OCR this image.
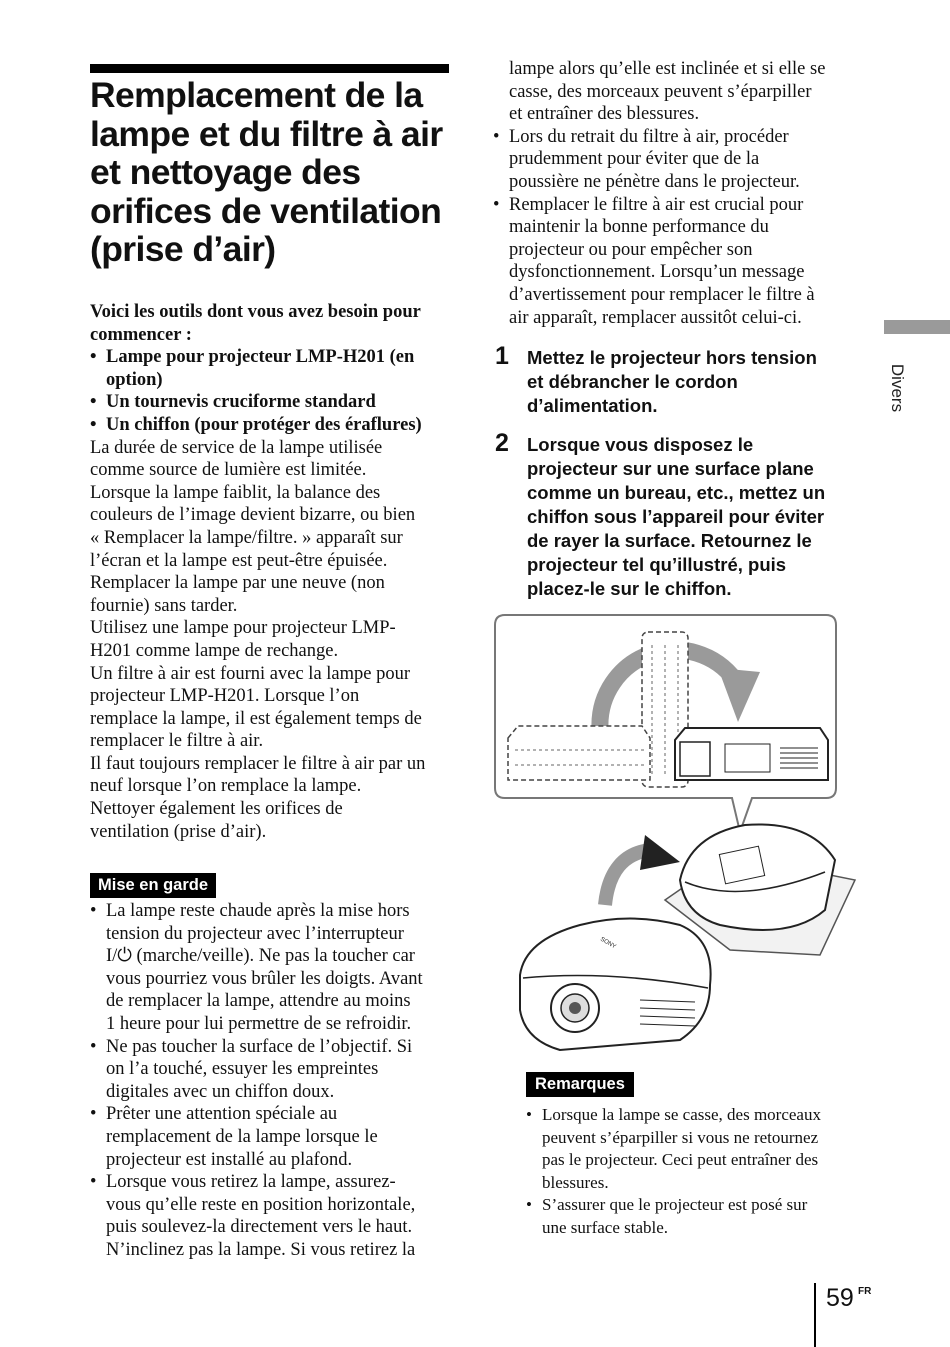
Remplacement de la
lampe et du filtre à air
et nettoyage des
orifices de ventilation
(prise d’air)
Voici les outils dont vous avez besoin pour
commencer :
• Lampe pour projecteur LMP-H201 (en
option)
• Un tournevis cruciforme standard
• Un chiffon (pour protéger des éraflures)
La durée de service de la lampe utilisée
comme source de lumière est limitée.
Lorsque la lampe faiblit, la balance des
couleurs de l’image devient bizarre, ou bien
« Remplacer la lampe/filtre. » apparaît sur
l’écran et la lampe est peut-être épuisée.
Remplacer la lampe par une neuve (non
fournie) sans tarder.
Utilisez une lampe pour projecteur LMP-
H201 comme lampe de rechange.
Un filtre à air est fourni avec la lampe pour
projecteur LMP-H201. Lorsque l’on
remplace la lampe, il est également temps de
remplacer le filtre à air.
Il faut toujours remplacer le filtre à air par un
neuf lorsque l’on remplace la lampe.
Nettoyer également les orifices de
ventilation (prise d’air).
Mise en garde
• La lampe reste chaude après la mise hors
tension du projecteur avec l’interrupteur
I/⏻ (marche/veille). Ne pas la toucher car
vous pourriez vous brûler les doigts. Avant
de remplacer la lampe, attendre au moins
1 heure pour lui permettre de se refroidir.
• Ne pas toucher la surface de l’objectif. Si
on l’a touché, essuyer les empreintes
digitales avec un chiffon doux.
• Prêter une attention spéciale au
remplacement de la lampe lorsque le
projecteur est installé au plafond.
• Lorsque vous retirez la lampe, assurez-
vous qu’elle reste en position horizontale,
puis soulevez-la directement vers le haut.
N’inclinez pas la lampe. Si vous retirez la
lampe alors qu’elle est inclinée et si elle se
casse, des morceaux peuvent s’éparpiller
et entraîner des blessures.
• Lors du retrait du filtre à air, procéder
prudemment pour éviter que de la
poussière ne pénètre dans le projecteur.
• Remplacer le filtre à air est crucial pour
maintenir la bonne performance du
projecteur ou pour empêcher son
dysfonctionnement. Lorsqu’un message
d’avertissement pour remplacer le filtre à
air apparaît, remplacer aussitôt celui-ci.
1 Mettez le projecteur hors tension
et débrancher le cordon
d’alimentation.
2 Lorsque vous disposez le
projecteur sur une surface plane
comme un bureau, etc., mettez un
chiffon sous l’appareil pour éviter
de rayer la surface. Retournez le
projecteur tel qu’illustré, puis
placez-le sur le chiffon.
SONY
Remarques
• Lorsque la lampe se casse, des morceaux
peuvent s’éparpiller si vous ne retournez
pas le projecteur. Ceci peut entraîner des
blessures.
• S’assurer que le projecteur est posé sur
une surface stable.
Divers
59 FR
